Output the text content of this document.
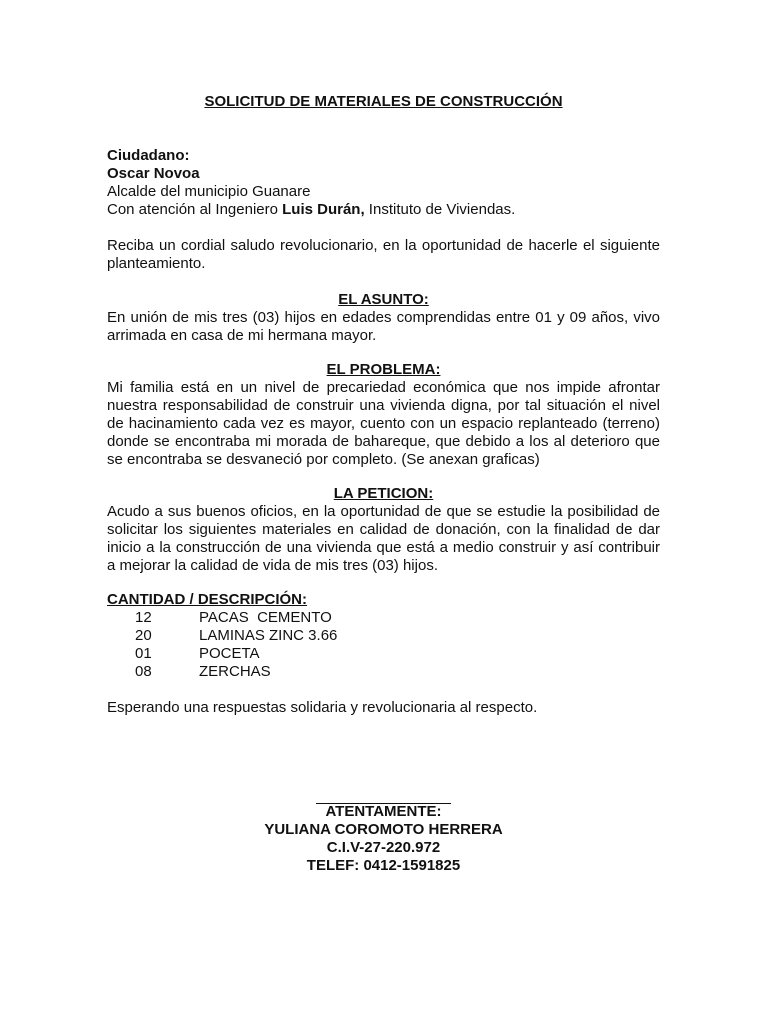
SOLICITUD DE MATERIALES DE CONSTRUCCIÓN

Ciudadano:

Oscar Novoa

Alcalde del municipio Guanare

Con atención al Ingeniero Luis Durán, Instituto de Viviendas.

Reciba un cordial saludo revolucionario, en la oportunidad de hacerle el siguiente planteamiento.

EL ASUNTO:

En unión de mis tres (03) hijos en edades comprendidas entre 01 y 09 años, vivo arrimada en casa de mi hermana mayor.

EL PROBLEMA:

Mi familia está en un nivel de precariedad económica que nos impide afrontar nuestra responsabilidad de construir una vivienda digna, por tal situación el nivel de hacinamiento cada vez es mayor, cuento con un espacio replanteado (terreno) donde se encontraba mi morada de bahareque, que debido a los al deterioro que se encontraba se desvaneció por completo. (Se anexan graficas)

LA PETICION:

Acudo a sus buenos oficios, en la oportunidad de que se estudie la posibilidad de solicitar los siguientes materiales en calidad de donación, con la finalidad de dar inicio a la construcción de una vivienda que está a medio construir y así contribuir a mejorar la calidad de vida de mis tres (03) hijos.

CANTIDAD / DESCRIPCIÓN:

12	PACAS  CEMENTO
20	LAMINAS ZINC 3.66
01	POCETA
08	ZERCHAS

Esperando una respuestas solidaria y revolucionaria al respecto.

ATENTAMENTE:
YULIANA COROMOTO HERRERA
C.I.V-27-220.972
TELEF: 0412-1591825
